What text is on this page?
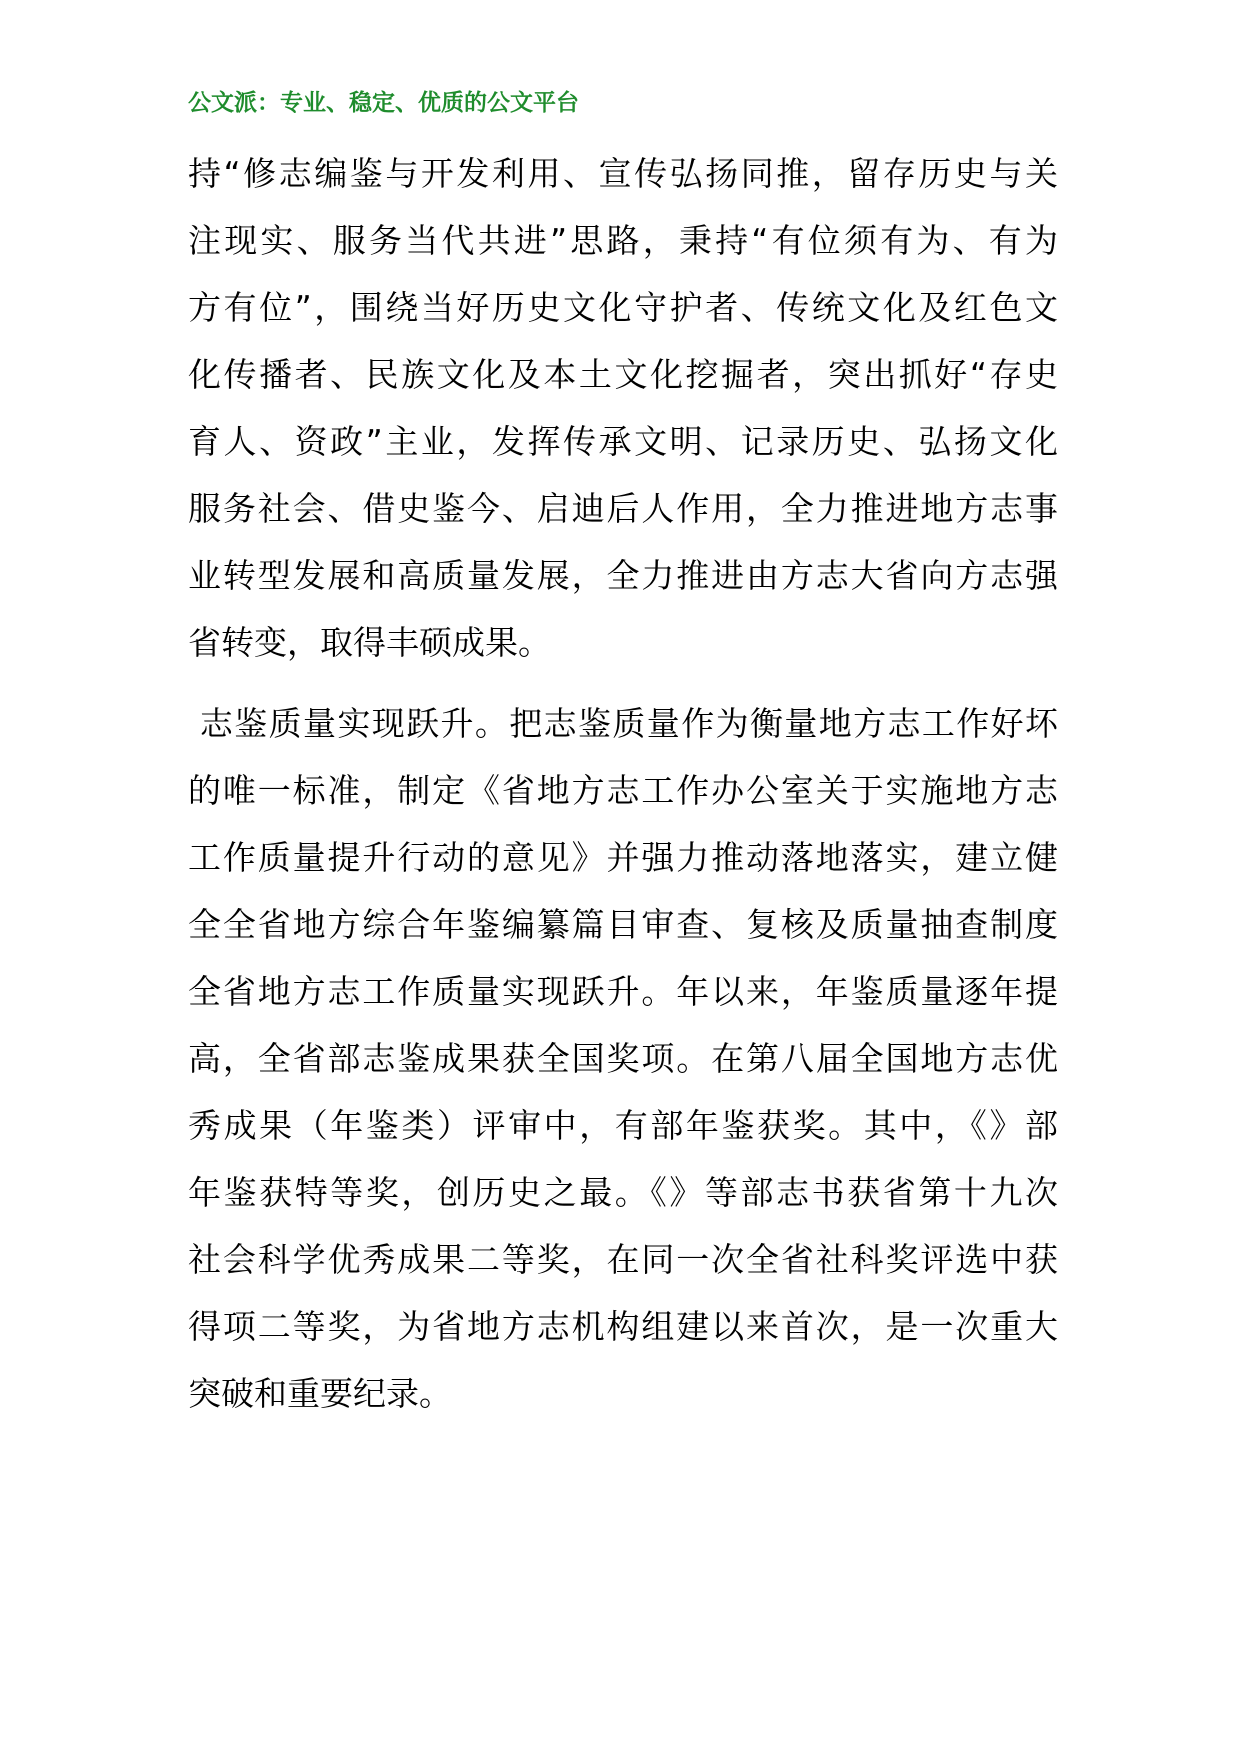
公文派：专业、稳定、优质的公文平台
持“修志编鉴与开发利用、宣传弘扬同推，留存历史与关
注现实、服务当代共进”思路，秉持“有位须有为、有为
方有位”，围绕当好历史文化守护者、传统文化及红色文
化传播者、民族文化及本土文化挖掘者，突出抓好“存史
育人、资政”主业，发挥传承文明、记录历史、弘扬文化
服务社会、借史鉴今、启迪后人作用，全力推进地方志事
业转型发展和高质量发展，全力推进由方志大省向方志强
省转变，取得丰硕成果。
志鉴质量实现跃升。把志鉴质量作为衡量地方志工作好坏
的唯一标准，制定《省地方志工作办公室关于实施地方志
工作质量提升行动的意见》并强力推动落地落实，建立健
全全省地方综合年鉴编纂篇目审查、复核及质量抽查制度
全省地方志工作质量实现跃升。年以来，年鉴质量逐年提
高，全省部志鉴成果获全国奖项。在第八届全国地方志优
秀成果（年鉴类）评审中，有部年鉴获奖。其中，《》部
年鉴获特等奖，创历史之最。《》等部志书获省第十九次
社会科学优秀成果二等奖，在同一次全省社科奖评选中获
得项二等奖，为省地方志机构组建以来首次，是一次重大
突破和重要纪录。
